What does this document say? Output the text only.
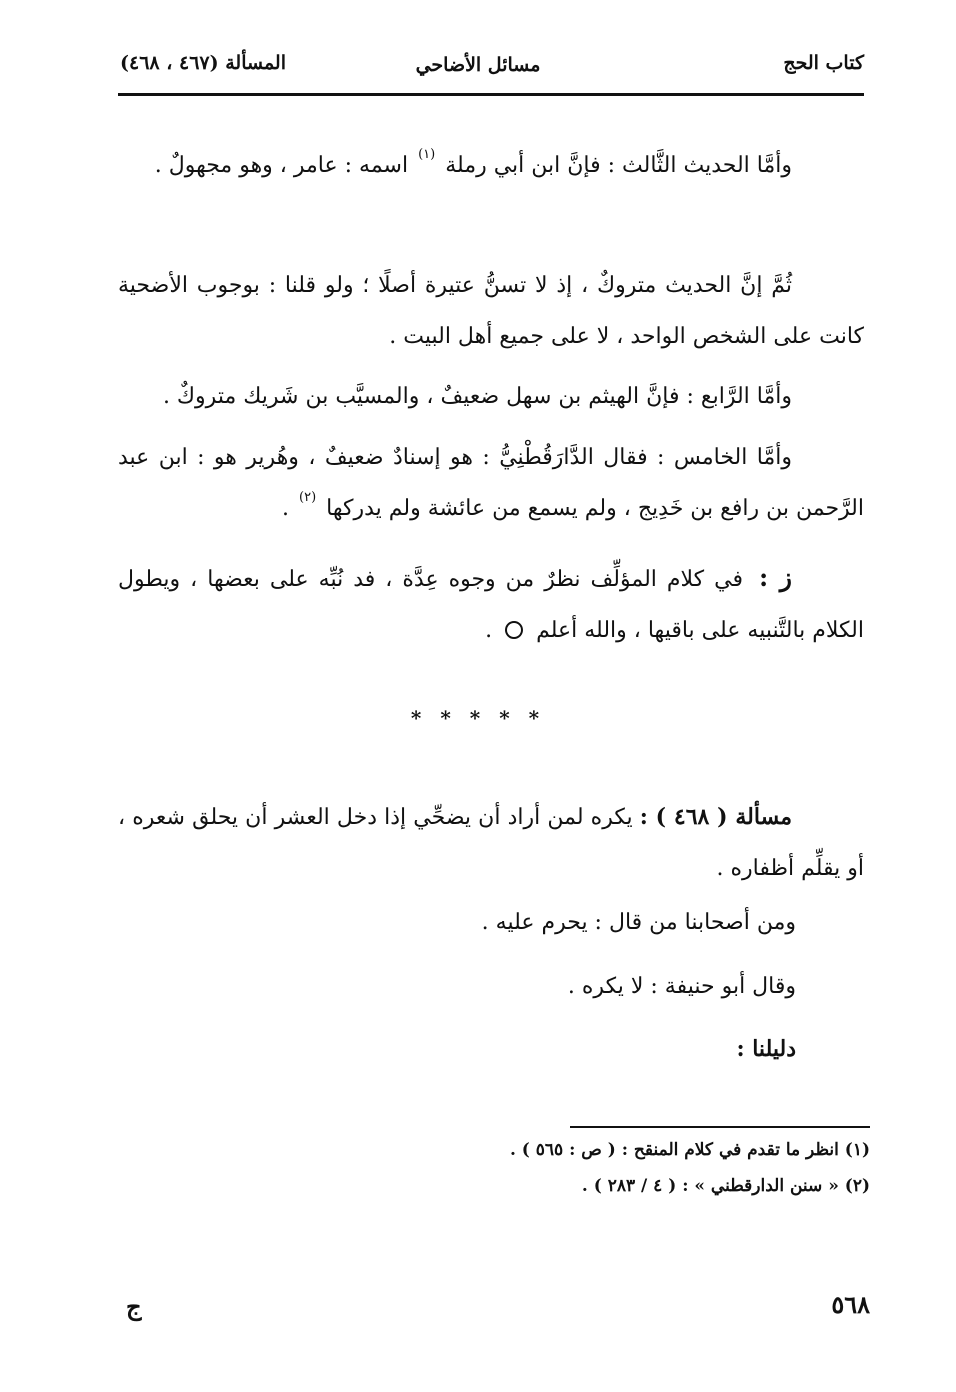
كتاب الحج
مسائل الأضاحي
المسألة (٤٦٧ ، ٤٦٨)
وأمَّا الحديث الثَّالث : فإنَّ ابن أبي رملة $^{(١)}$ اسمه : عامر ، وهو مجهولٌ .
ثُمَّ إنَّ الحديث متروكٌ ، إذ لا تسنُّ عتيرة أصلًا ؛ ولو قلنا : بوجوب الأضحية كانت على الشخص الواحد ، لا على جميع أهل البيت .
وأمَّا الرَّابع : فإنَّ الهيثم بن سهل ضعيفٌ ، والمسيَّب بن شَريك متروكٌ .
وأمَّا الخامس : فقال الدَّارَقُطْنِيُّ : هو إسنادٌ ضعيفٌ ، وهُرير هو : ابن عبد الرَّحمن بن رافع بن خَدِيج ، ولم يسمع من عائشة ولم يدركها $^{(٢)}$ .
ز : في كلام المؤلِّف نظرٌ من وجوه عِدَّة ، فد نُبِّه على بعضها ، ويطول الكلام بالتَّنبيه على باقيها ، والله أعلم  .
* * * * *
مسألة ( ٤٦٨ ) : يكره لمن أراد أن يضحِّي إذا دخل العشر أن يحلق شعره ، أو يقلِّم أظفاره .
ومن أصحابنا من قال : يحرم عليه .
وقال أبو حنيفة : لا يكره .
دليلنا :
(١) انظر ما تقدم في كلام المنقح : ( ص : ٥٦٥ ) .
(٢) « سنن الدارقطني » : ( ٤ / ٢٨٣ ) .
٥٦٨
ج
